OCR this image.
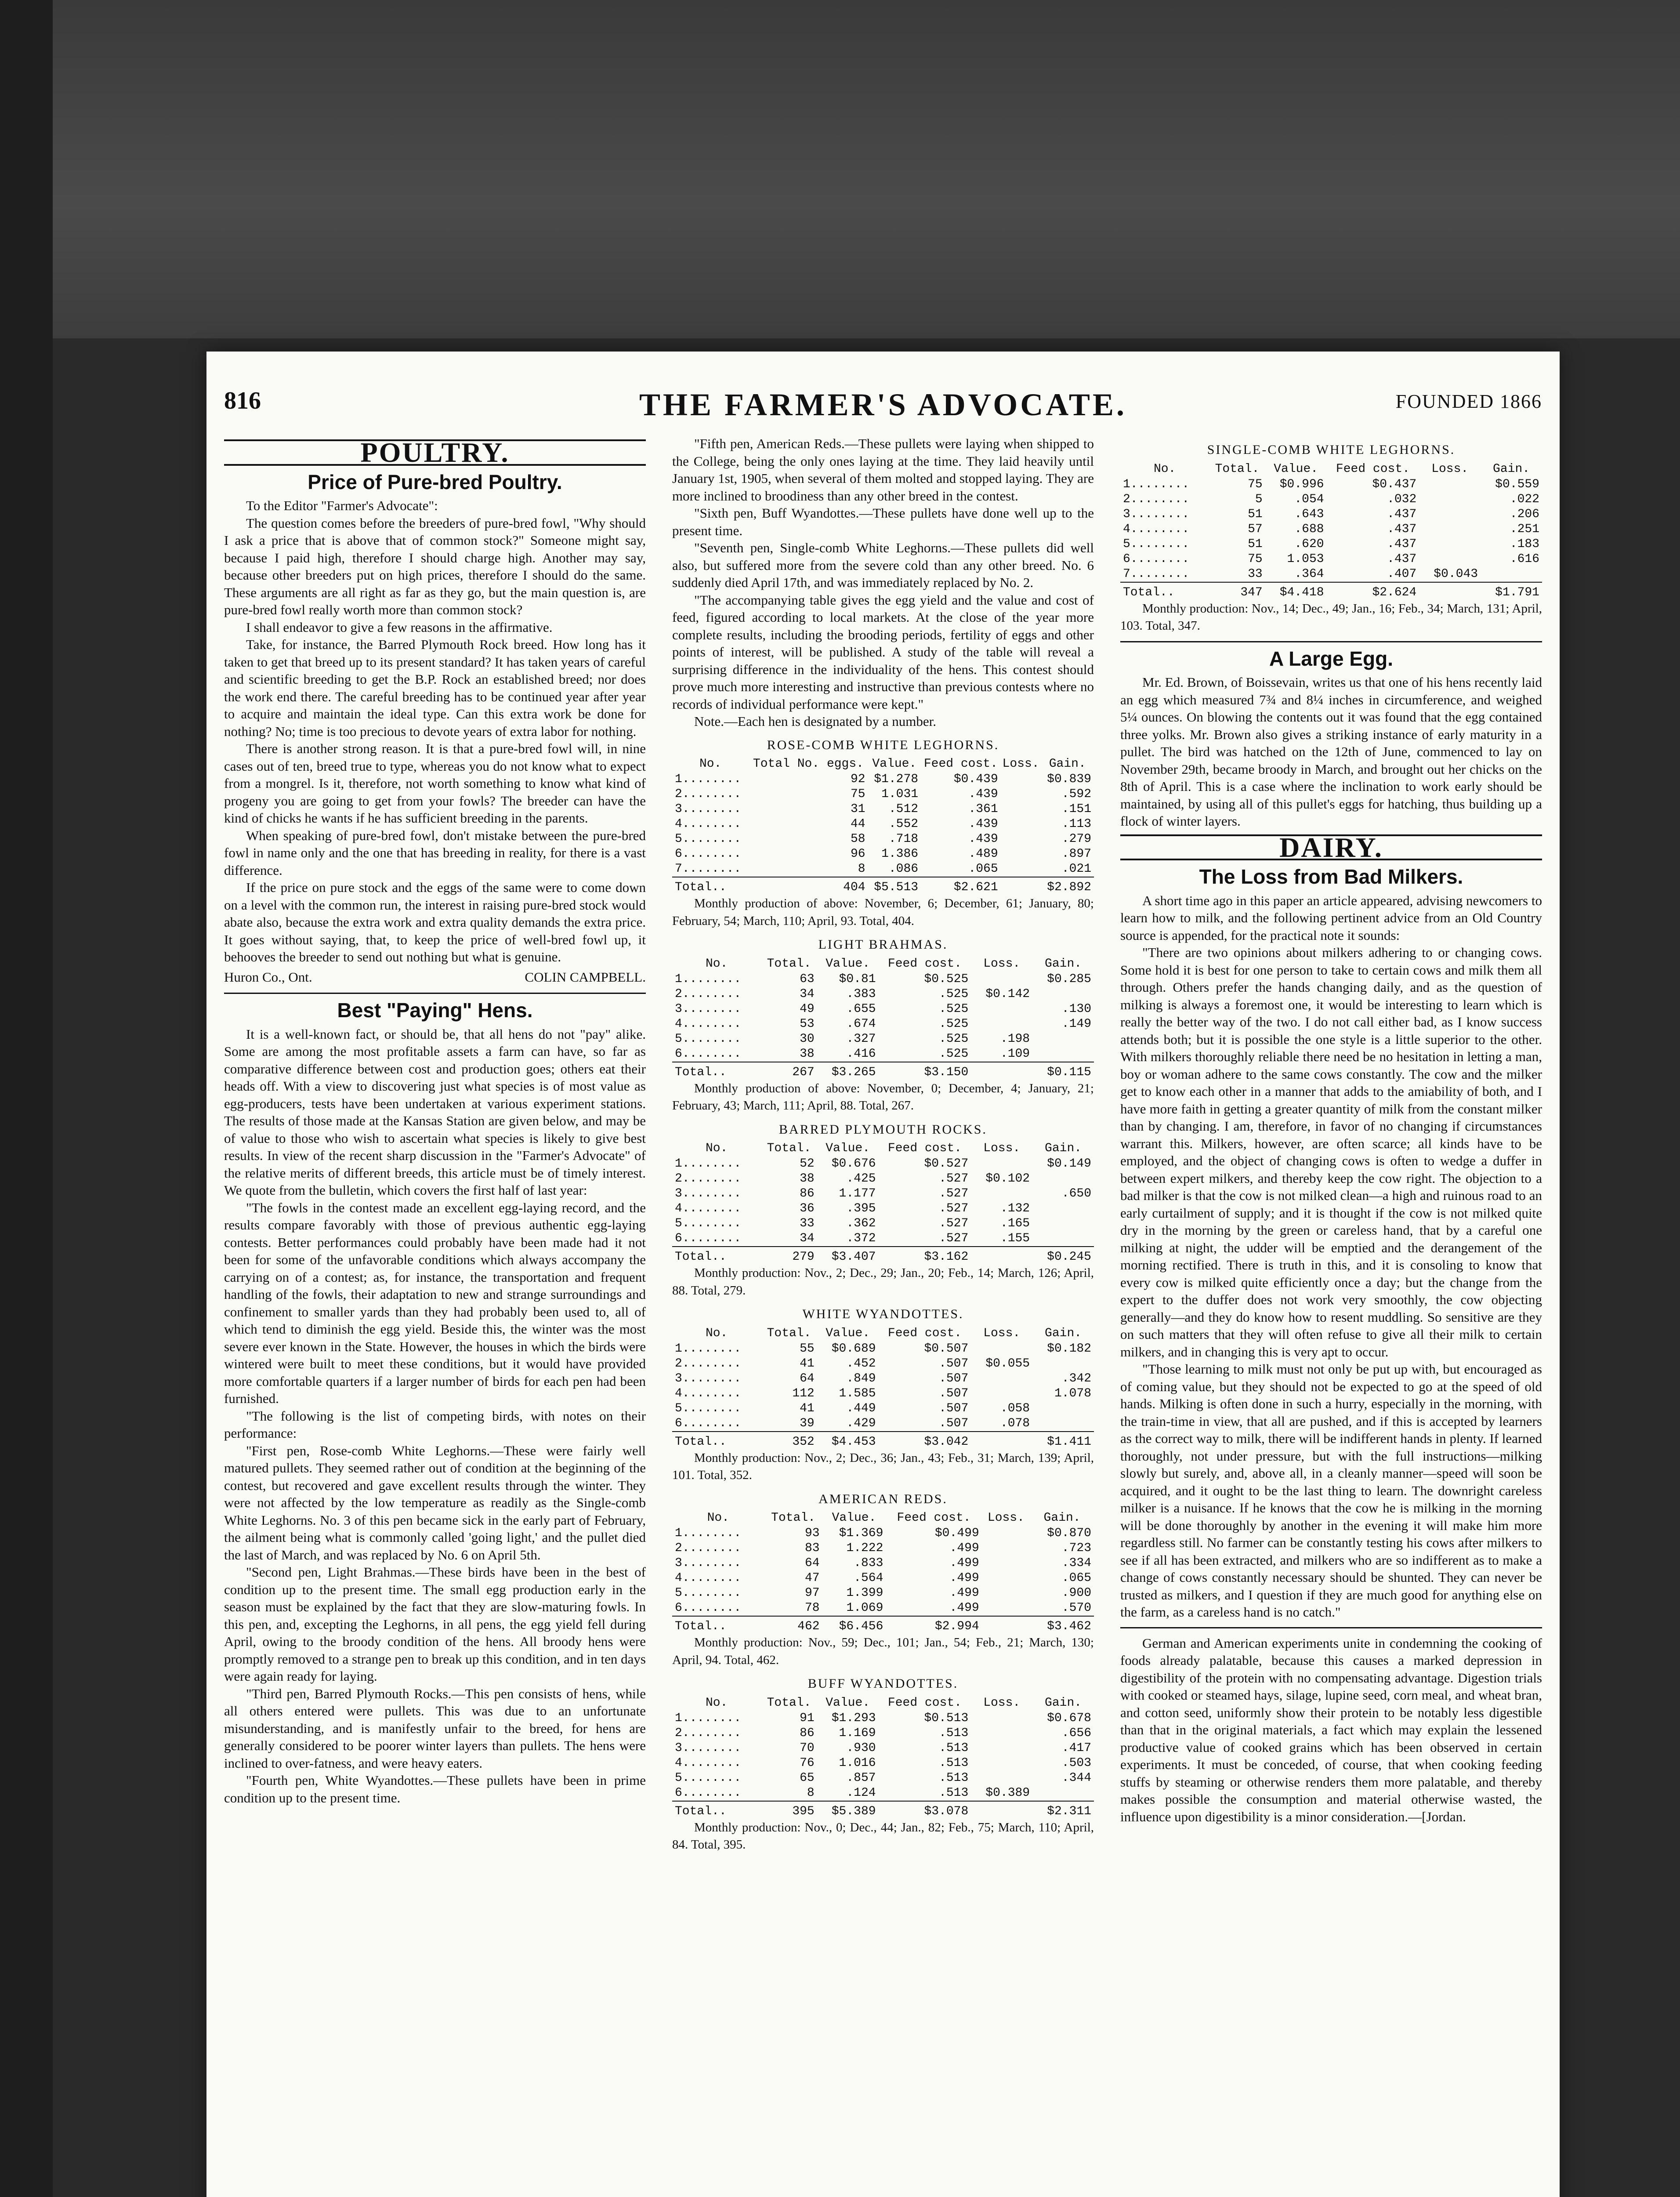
THE FARMER'S ADVOCATE.
816	FOUNDED 1866
POULTRY.
Price of Pure-bred Poultry.

To the Editor "Farmer's Advocate":

The question comes before the breeders of pure-bred fowl, "Why should I ask a price that is above that of common stock?" Someone might say, because I paid high, therefore I should charge high. Another may say, because other breeders put on high prices, therefore I should do the same. These arguments are all right as far as they go, but the main question is, are pure-bred fowl really worth more than common stock?

I shall endeavor to give a few reasons in the affirmative.

Take, for instance, the Barred Plymouth Rock breed. How long has it taken to get that breed up to its present standard? It has taken years of careful and scientific breeding to get the B.P. Rock an established breed; nor does the work end there. The careful breeding has to be continued year after year to acquire and maintain the ideal type. Can this extra work be done for nothing? No; time is too precious to devote years of extra labor for nothing.

There is another strong reason. It is that a pure-bred fowl will, in nine cases out of ten, breed true to type, whereas you do not know what to expect from a mongrel. Is it, therefore, not worth something to know what kind of progeny you are going to get from your fowls? The breeder can have the kind of chicks he wants if he has sufficient breeding in the parents.

When speaking of pure-bred fowl, don't mistake between the pure-bred fowl in name only and the one that has breeding in reality, for there is a vast difference.

If the price on pure stock and the eggs of the same were to come down on a level with the common run, the interest in raising pure-bred stock would abate also, because the extra work and extra quality demands the extra price. It goes without saying, that, to keep the price of well-bred fowl up, it behooves the breeder to send out nothing but what is genuine.

Huron Co., Ont.	COLIN CAMPBELL.
Best "Paying" Hens.

It is a well-known fact, or should be, that all hens do not "pay" alike. Some are among the most profitable assets a farm can have, so far as comparative difference between cost and production goes; others eat their heads off. With a view to discovering just what species is of most value as egg-producers, tests have been undertaken at various experiment stations. The results of those made at the Kansas Station are given below, and may be of value to those who wish to ascertain what species is likely to give best results. In view of the recent sharp discussion in the "Farmer's Advocate" of the relative merits of different breeds, this article must be of timely interest. We quote from the bulletin, which covers the first half of last year:

"The fowls in the contest made an excellent egg-laying record, and the results compare favorably with those of previous authentic egg-laying contests. Better performances could probably have been made had it not been for some of the unfavorable conditions which always accompany the carrying on of a contest; as, for instance, the transportation and frequent handling of the fowls, their adaptation to new and strange surroundings and confinement to smaller yards than they had probably been used to, all of which tend to diminish the egg yield. Beside this, the winter was the most severe ever known in the State. However, the houses in which the birds were wintered were built to meet these conditions, but it would have provided more comfortable quarters if a larger number of birds for each pen had been furnished.

"The following is the list of competing birds, with notes on their performance:

"First pen, Rose-comb White Leghorns.—These were fairly well matured pullets. They seemed rather out of condition at the beginning of the contest, but recovered and gave excellent results through the winter. They were not affected by the low temperature as readily as the Single-comb White Leghorns. No. 3 of this pen became sick in the early part of February, the ailment being what is commonly called 'going light,' and the pullet died the last of March, and was replaced by No. 6 on April 5th.

"Second pen, Light Brahmas.—These birds have been in the best of condition up to the present time. The small egg production early in the season must be explained by the fact that they are slow-maturing fowls. In this pen, and, excepting the Leghorns, in all pens, the egg yield fell during April, owing to the broody condition of the hens. All broody hens were promptly removed to a strange pen to break up this condition, and in ten days were again ready for laying.

"Third pen, Barred Plymouth Rocks.—This pen consists of hens, while all others entered were pullets. This was due to an unfortunate misunderstanding, and is manifestly unfair to the breed, for hens are generally considered to be poorer winter layers than pullets. The hens were inclined to over-fatness, and were heavy eaters.

"Fourth pen, White Wyandottes.—These pullets have been in prime condition up to the present time.

"Fifth pen, American Reds.—These pullets were laying when shipped to the College, being the only ones laying at the time. They laid heavily until January 1st, 1905, when several of them molted and stopped laying. They are more inclined to broodiness than any other breed in the contest.

"Sixth pen, Buff Wyandottes.—These pullets have done well up to the present time.

"Seventh pen, Single-comb White Leghorns.—These pullets did well also, but suffered more from the severe cold than any other breed. No. 6 suddenly died April 17th, and was immediately replaced by No. 2.

"The accompanying table gives the egg yield and the value and cost of feed, figured according to local markets. At the close of the year more complete results, including the brooding periods, fertility of eggs and other points of interest, will be published. A study of the table will reveal a surprising difference in the individuality of the hens. This contest should prove much more interesting and instructive than previous contests where no records of individual performance were kept."

Note.—Each hen is designated by a number.

ROSE-COMB WHITE LEGHORNS.
No.	Total No. eggs.	Value.	Feed cost.	Loss.	Gain.
1........	92	$1.278	$0.439		$0.839
2........	75	1.031	.439		.592
3........	31	.512	.361		.151
4........	44	.552	.439		.113
5........	58	.718	.439		.279
6........	96	1.386	.489		.897
7........	8	.086	.065		.021
Total..	404	$5.513	$2.621		$2.892

Monthly production of above: November, 6; December, 61; January, 80; February, 54; March, 110; April, 93. Total, 404.

LIGHT BRAHMAS.
No.	Total.	Value.	Feed cost.	Loss.	Gain.
1........	63	$0.81	$0.525		$0.285
2........	34	.383	.525	$0.142	
3........	49	.655	.525		.130
4........	53	.674	.525		.149
5........	30	.327	.525	.198	
6........	38	.416	.525	.109	
Total..	267	$3.265	$3.150		$0.115

Monthly production of above: November, 0; December, 4; January, 21; February, 43; March, 111; April, 88. Total, 267.

BARRED PLYMOUTH ROCKS.
No.	Total.	Value.	Feed cost.	Loss.	Gain.
1........	52	$0.676	$0.527		$0.149
2........	38	.425	.527	$0.102	
3........	86	1.177	.527		.650
4........	36	.395	.527	.132	
5........	33	.362	.527	.165	
6........	34	.372	.527	.155	
Total..	279	$3.407	$3.162		$0.245

Monthly production: Nov., 2; Dec., 29; Jan., 20; Feb., 14; March, 126; April, 88. Total, 279.

WHITE WYANDOTTES.
No.	Total.	Value.	Feed cost.	Loss.	Gain.
1........	55	$0.689	$0.507		$0.182
2........	41	.452	.507	$0.055	
3........	64	.849	.507		.342
4........	112	1.585	.507		1.078
5........	41	.449	.507	.058	
6........	39	.429	.507	.078	
Total..	352	$4.453	$3.042		$1.411

Monthly production: Nov., 2; Dec., 36; Jan., 43; Feb., 31; March, 139; April, 101. Total, 352.

AMERICAN REDS.
No.	Total.	Value.	Feed cost.	Loss.	Gain.
1........	93	$1.369	$0.499		$0.870
2........	83	1.222	.499		.723
3........	64	.833	.499		.334
4........	47	.564	.499		.065
5........	97	1.399	.499		.900
6........	78	1.069	.499		.570
Total..	462	$6.456	$2.994		$3.462

Monthly production: Nov., 59; Dec., 101; Jan., 54; Feb., 21; March, 130; April, 94. Total, 462.

BUFF WYANDOTTES.
No.	Total.	Value.	Feed cost.	Loss.	Gain.
1........	91	$1.293	$0.513		$0.678
2........	86	1.169	.513		.656
3........	70	.930	.513		.417
4........	76	1.016	.513		.503
5........	65	.857	.513		.344
6........	8	.124	.513	$0.389	
Total..	395	$5.389	$3.078		$2.311

Monthly production: Nov., 0; Dec., 44; Jan., 82; Feb., 75; March, 110; April, 84. Total, 395.

SINGLE-COMB WHITE LEGHORNS.
No.	Total.	Value.	Feed cost.	Loss.	Gain.
1........	75	$0.996	$0.437		$0.559
2........	5	.054	.032		.022
3........	51	.643	.437		.206
4........	57	.688	.437		.251
5........	51	.620	.437		.183
6........	75	1.053	.437		.616
7........	33	.364	.407	$0.043	
Total..	347	$4.418	$2.624		$1.791

Monthly production: Nov., 14; Dec., 49; Jan., 16; Feb., 34; March, 131; April, 103. Total, 347.

A Large Egg.

Mr. Ed. Brown, of Boissevain, writes us that one of his hens recently laid an egg which measured 7¾ and 8¼ inches in circumference, and weighed 5¼ ounces. On blowing the contents out it was found that the egg contained three yolks. Mr. Brown also gives a striking instance of early maturity in a pullet. The bird was hatched on the 12th of June, commenced to lay on November 29th, became broody in March, and brought out her chicks on the 8th of April. This is a case where the inclination to work early should be maintained, by using all of this pullet's eggs for hatching, thus building up a flock of winter layers.

DAIRY.
The Loss from Bad Milkers.

A short time ago in this paper an article appeared, advising newcomers to learn how to milk, and the following pertinent advice from an Old Country source is appended, for the practical note it sounds:

"There are two opinions about milkers adhering to or changing cows. Some hold it is best for one person to take to certain cows and milk them all through. Others prefer the hands changing daily, and as the question of milking is always a foremost one, it would be interesting to learn which is really the better way of the two. I do not call either bad, as I know success attends both; but it is possible the one style is a little superior to the other. With milkers thoroughly reliable there need be no hesitation in letting a man, boy or woman adhere to the same cows constantly. The cow and the milker get to know each other in a manner that adds to the amiability of both, and I have more faith in getting a greater quantity of milk from the constant milker than by changing. I am, therefore, in favor of no changing if circumstances warrant this. Milkers, however, are often scarce; all kinds have to be employed, and the object of changing cows is often to wedge a duffer in between expert milkers, and thereby keep the cow right. The objection to a bad milker is that the cow is not milked clean—a high and ruinous road to an early curtailment of supply; and it is thought if the cow is not milked quite dry in the morning by the green or careless hand, that by a careful one milking at night, the udder will be emptied and the derangement of the morning rectified. There is truth in this, and it is consoling to know that every cow is milked quite efficiently once a day; but the change from the expert to the duffer does not work very smoothly, the cow objecting generally—and they do know how to resent muddling. So sensitive are they on such matters that they will often refuse to give all their milk to certain milkers, and in changing this is very apt to occur.

"Those learning to milk must not only be put up with, but encouraged as of coming value, but they should not be expected to go at the speed of old hands. Milking is often done in such a hurry, especially in the morning, with the train-time in view, that all are pushed, and if this is accepted by learners as the correct way to milk, there will be indifferent hands in plenty. If learned thoroughly, not under pressure, but with the full instructions—milking slowly but surely, and, above all, in a cleanly manner—speed will soon be acquired, and it ought to be the last thing to learn. The downright careless milker is a nuisance. If he knows that the cow he is milking in the morning will be done thoroughly by another in the evening it will make him more regardless still. No farmer can be constantly testing his cows after milkers to see if all has been extracted, and milkers who are so indifferent as to make a change of cows constantly necessary should be shunted. They can never be trusted as milkers, and I question if they are much good for anything else on the farm, as a careless hand is no catch."

German and American experiments unite in condemning the cooking of foods already palatable, because this causes a marked depression in digestibility of the protein with no compensating advantage. Digestion trials with cooked or steamed hays, silage, lupine seed, corn meal, and wheat bran, and cotton seed, uniformly show their protein to be notably less digestible than that in the original materials, a fact which may explain the lessened productive value of cooked grains which has been observed in certain experiments. It must be conceded, of course, that when cooking feeding stuffs by steaming or otherwise renders them more palatable, and thereby makes possible the consumption and material otherwise wasted, the influence upon digestibility is a minor consideration.—[Jordan.
